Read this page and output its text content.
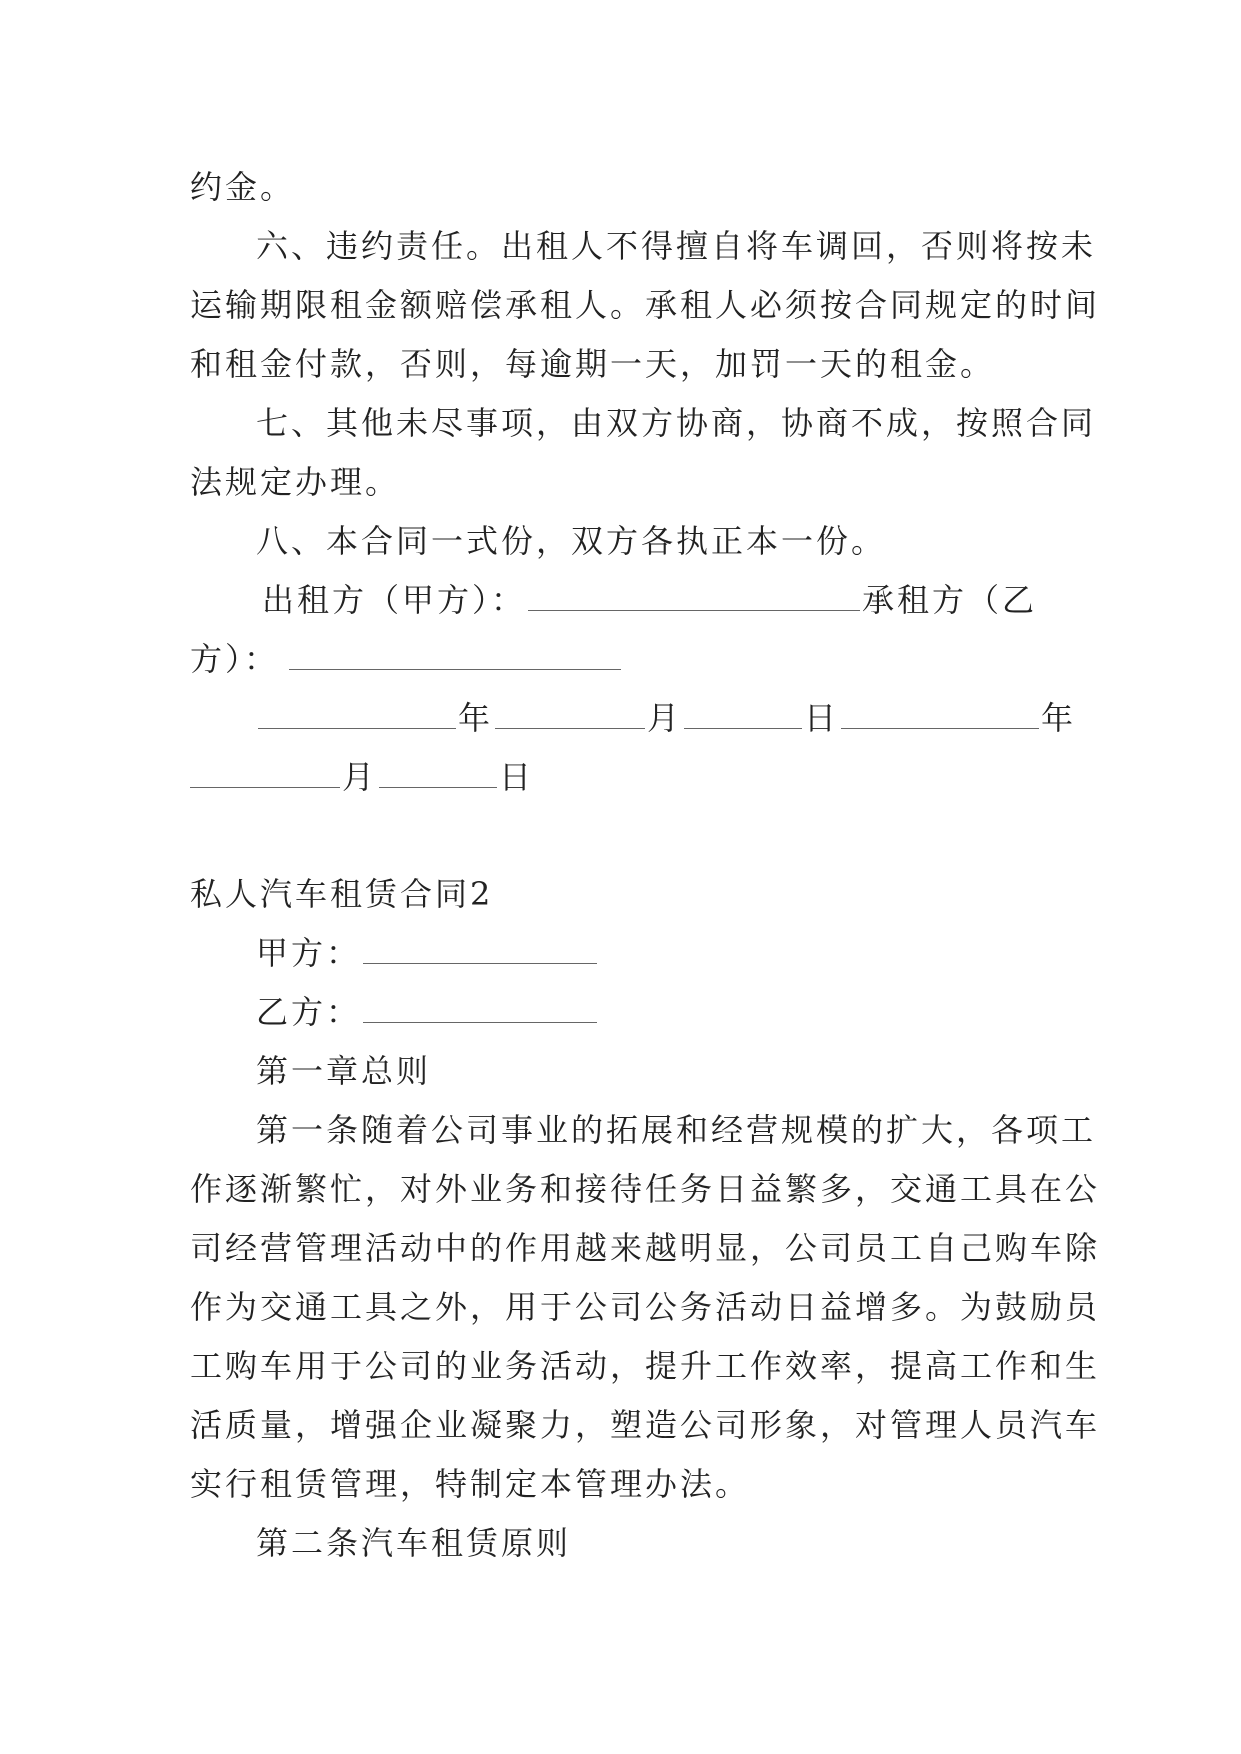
约金。
六、违约责任。出租人不得擅自将车调回，否则将按未
运输期限租金额赔偿承租人。承租人必须按合同规定的时间
和租金付款，否则，每逾期一天，加罚一天的租金。
七、其他未尽事项，由双方协商，协商不成，按照合同
法规定办理。
八、本合同一式份，双方各执正本一份。
出租方（甲方）：	承租方（乙
方）：
年	月	日	年
月	日
私人汽车租赁合同2
甲方：
乙方：
第一章总则
第一条随着公司事业的拓展和经营规模的扩大，各项工
作逐渐繁忙，对外业务和接待任务日益繁多，交通工具在公
司经营管理活动中的作用越来越明显，公司员工自己购车除
作为交通工具之外，用于公司公务活动日益增多。为鼓励员
工购车用于公司的业务活动，提升工作效率，提高工作和生
活质量，增强企业凝聚力，塑造公司形象，对管理人员汽车
实行租赁管理，特制定本管理办法。
第二条汽车租赁原则
